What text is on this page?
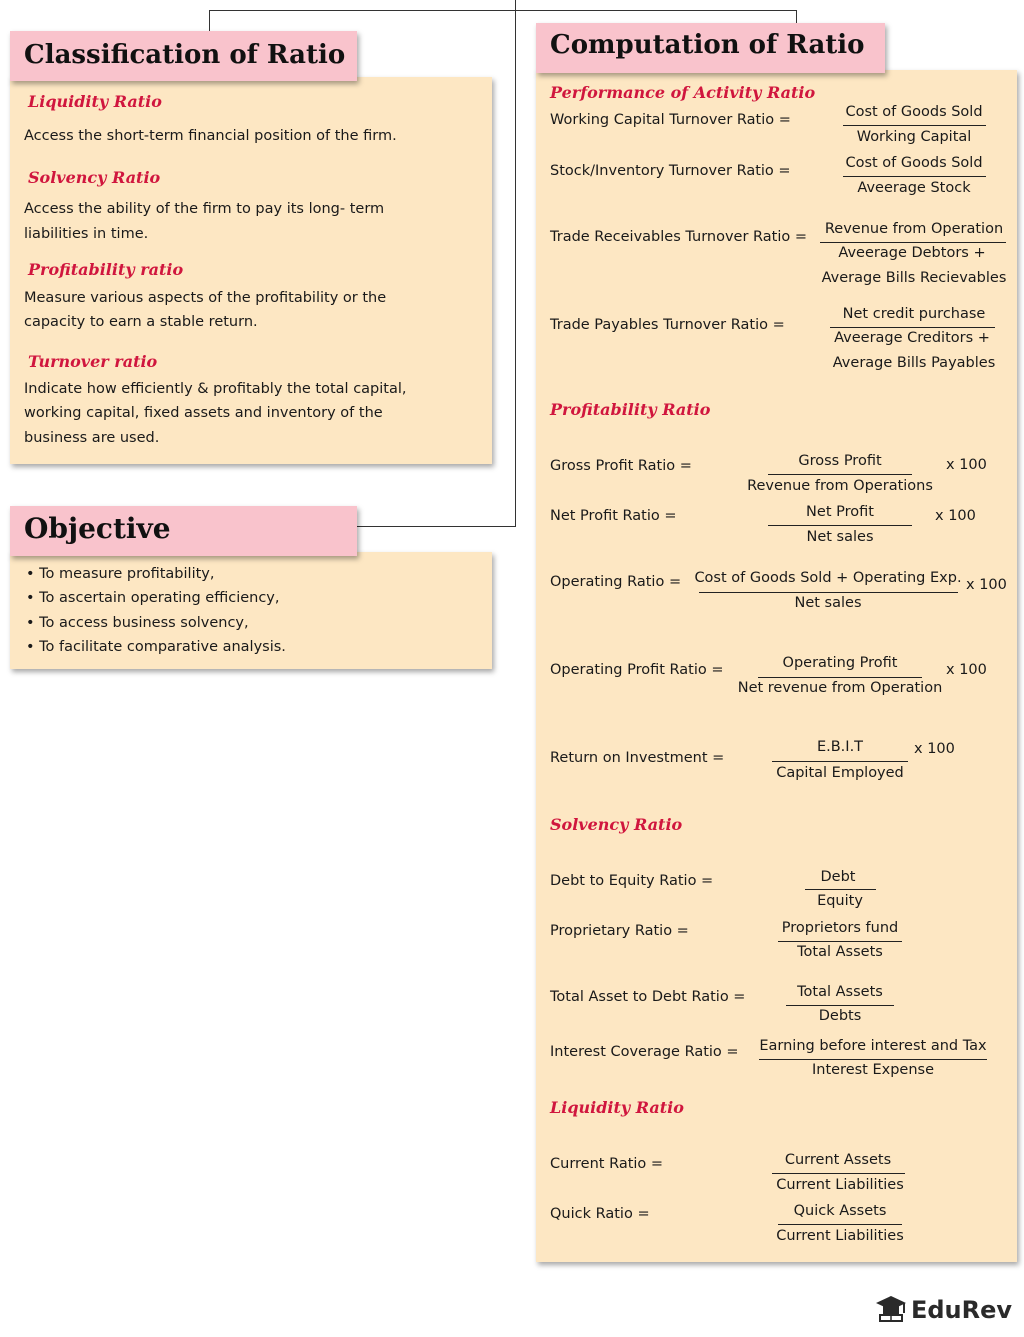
Classification of Ratio
Liquidity Ratio
Access the short-term financial position of the firm.
Solvency Ratio
Access the ability of the firm to pay its long- term
liabilities in time.
Profitability ratio
Measure various aspects of the profitability or the
capacity to earn a stable return.
Turnover ratio
Indicate how efficiently & profitably the total capital,
working capital, fixed assets and inventory of the
business are used.
Objective
• To measure profitability,
• To ascertain operating efficiency,
• To access business solvency,
• To facilitate comparative analysis.
Computation of Ratio
Performance of Activity Ratio
Working Capital Turnover Ratio =	Cost of Goods Sold
Working Capital
Stock/Inventory Turnover Ratio =	Cost of Goods Sold
Aveerage Stock
Trade Receivables Turnover Ratio = Revenue from Operation
Aveerage Debtors +
Average Bills Recievables
Trade Payables Turnover Ratio =
Net credit purchase
Aveerage Creditors +
Average Bills Payables
Profitability Ratio
Gross Profit Ratio =	Gross Profit
Revenue from Operations
x 100
Net Profit Ratio =	Net Profit
Net sales
x 100
Operating Ratio = Cost of Goods Sold + Operating Exp.
Net sales
x 100
Operating Profit Ratio =	Operating Profit
Net revenue from Operation
x 100
Return on Investment =
E.B.I.T
Capital Employed
x 100
Solvency Ratio
Debt to Equity Ratio =	Debt
Equity
Proprietary Ratio =	Proprietors fund
Total Assets
Total Asset to Debt Ratio =	Total Assets
Debts
Interest Coverage Ratio = Earning before interest and Tax
Interest Expense
Liquidity Ratio
Current Ratio =	Current Assets
Current Liabilities
Quick Ratio =	Quick Assets
Current Liabilities
EduRev
